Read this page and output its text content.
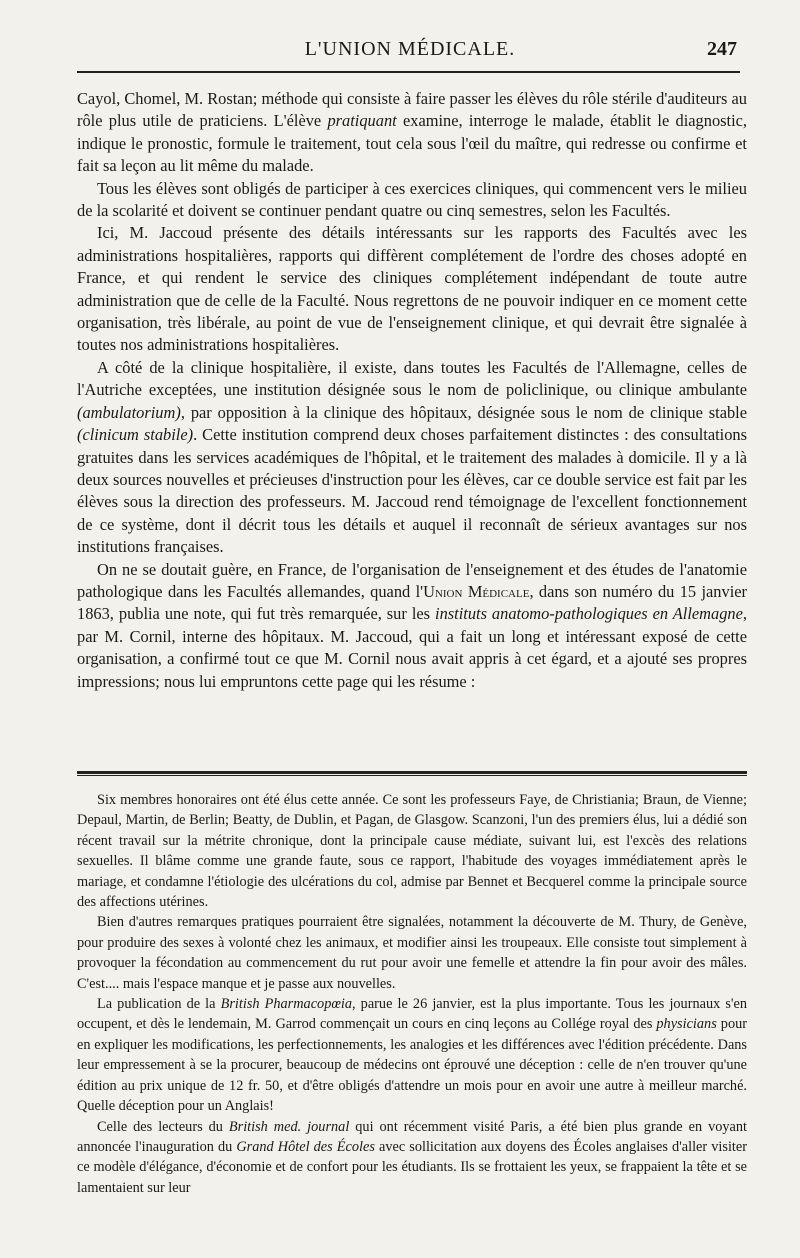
L'UNION MÉDICALE.	247

Cayol, Chomel, M. Rostan; méthode qui consiste à faire passer les élèves du rôle stérile d'auditeurs au rôle plus utile de praticiens. L'élève pratiquant examine, interroge le malade, établit le diagnostic, indique le pronostic, formule le traitement, tout cela sous l'œil du maître, qui redresse ou confirme et fait sa leçon au lit même du malade.

Tous les élèves sont obligés de participer à ces exercices cliniques, qui commencent vers le milieu de la scolarité et doivent se continuer pendant quatre ou cinq semestres, selon les Facultés.

Ici, M. Jaccoud présente des détails intéressants sur les rapports des Facultés avec les administrations hospitalières, rapports qui diffèrent complétement de l'ordre des choses adopté en France, et qui rendent le service des cliniques complétement indépendant de toute autre administration que de celle de la Faculté. Nous regrettons de ne pouvoir indiquer en ce moment cette organisation, très libérale, au point de vue de l'enseignement clinique, et qui devrait être signalée à toutes nos administrations hospitalières.

A côté de la clinique hospitalière, il existe, dans toutes les Facultés de l'Allemagne, celles de l'Autriche exceptées, une institution désignée sous le nom de policlinique, ou clinique ambulante (ambulatorium), par opposition à la clinique des hôpitaux, désignée sous le nom de clinique stable (clinicum stabile). Cette institution comprend deux choses parfaitement distinctes : des consultations gratuites dans les services académiques de l'hôpital, et le traitement des malades à domicile. Il y a là deux sources nouvelles et précieuses d'instruction pour les élèves, car ce double service est fait par les élèves sous la direction des professeurs. M. Jaccoud rend témoignage de l'excellent fonctionnement de ce système, dont il décrit tous les détails et auquel il reconnaît de sérieux avantages sur nos institutions françaises.

On ne se doutait guère, en France, de l'organisation de l'enseignement et des études de l'anatomie pathologique dans les Facultés allemandes, quand l'Union Médicale, dans son numéro du 15 janvier 1863, publia une note, qui fut très remarquée, sur les instituts anatomo-pathologiques en Allemagne, par M. Cornil, interne des hôpitaux. M. Jaccoud, qui a fait un long et intéressant exposé de cette organisation, a confirmé tout ce que M. Cornil nous avait appris à cet égard, et a ajouté ses propres impressions; nous lui empruntons cette page qui les résume :

Six membres honoraires ont été élus cette année. Ce sont les professeurs Faye, de Christiania; Braun, de Vienne; Depaul, Martin, de Berlin; Beatty, de Dublin, et Pagan, de Glasgow. Scanzoni, l'un des premiers élus, lui a dédié son récent travail sur la métrite chronique, dont la principale cause médiate, suivant lui, est l'excès des relations sexuelles. Il blâme comme une grande faute, sous ce rapport, l'habitude des voyages immédiatement après le mariage, et condamne l'étiologie des ulcérations du col, admise par Bennet et Becquerel comme la principale source des affections utérines.

Bien d'autres remarques pratiques pourraient être signalées, notamment la découverte de M. Thury, de Genève, pour produire des sexes à volonté chez les animaux, et modifier ainsi les troupeaux. Elle consiste tout simplement à provoquer la fécondation au commencement du rut pour avoir une femelle et attendre la fin pour avoir des mâles. C'est.... mais l'espace manque et je passe aux nouvelles.

La publication de la British Pharmacopœia, parue le 26 janvier, est la plus importante. Tous les journaux s'en occupent, et dès le lendemain, M. Garrod commençait un cours en cinq leçons au Collége royal des physicians pour en expliquer les modifications, les perfectionnements, les analogies et les différences avec l'édition précédente. Dans leur empressement à se la procurer, beaucoup de médecins ont éprouvé une déception : celle de n'en trouver qu'une édition au prix unique de 12 fr. 50, et d'être obligés d'attendre un mois pour en avoir une autre à meilleur marché. Quelle déception pour un Anglais!

Celle des lecteurs du British med. journal qui ont récemment visité Paris, a été bien plus grande en voyant annoncée l'inauguration du Grand Hôtel des Écoles avec sollicitation aux doyens des Écoles anglaises d'aller visiter ce modèle d'élégance, d'économie et de confort pour les étudiants. Ils se frottaient les yeux, se frappaient la tête et se lamentaient sur leur
